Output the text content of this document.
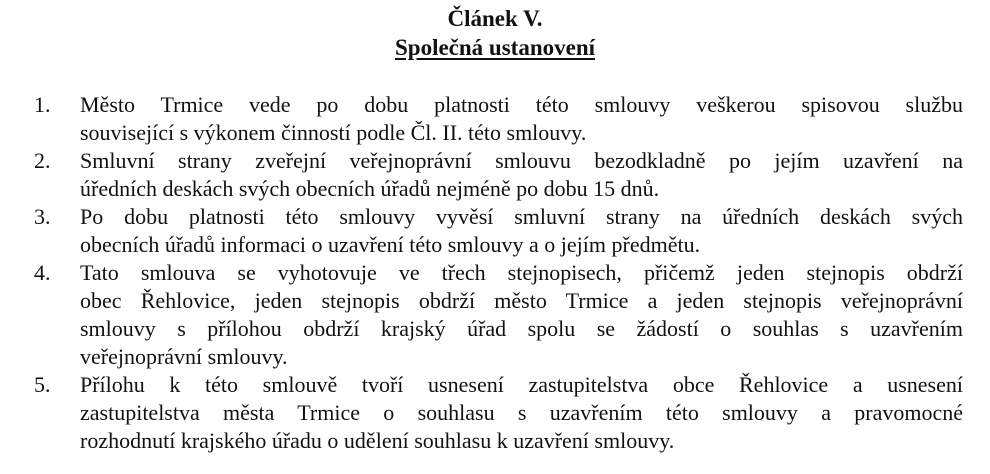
Článek V.
Společná ustanovení
1.	Město Trmice vede po dobu platnosti této smlouvy veškerou spisovou službu
související s výkonem činností podle Čl. II. této smlouvy.
2.	Smluvní strany zveřejní veřejnoprávní smlouvu bezodkladně po jejím uzavření na
úředních deskách svých obecních úřadů nejméně po dobu 15 dnů.
3.	Po dobu platnosti této smlouvy vyvěsí smluvní strany na úředních deskách svých
obecních úřadů informaci o uzavření této smlouvy a o jejím předmětu.
4.	Tato smlouva se vyhotovuje ve třech stejnopisech, přičemž jeden stejnopis obdrží
obec Řehlovice, jeden stejnopis obdrží město Trmice a jeden stejnopis veřejnoprávní
smlouvy s přílohou obdrží krajský úřad spolu se žádostí o souhlas s uzavřením
veřejnoprávní smlouvy.
5.	Přílohu k této smlouvě tvoří usnesení zastupitelstva obce Řehlovice a usnesení
zastupitelstva města Trmice o souhlasu s uzavřením této smlouvy a pravomocné
rozhodnutí krajského úřadu o udělení souhlasu k uzavření smlouvy.
